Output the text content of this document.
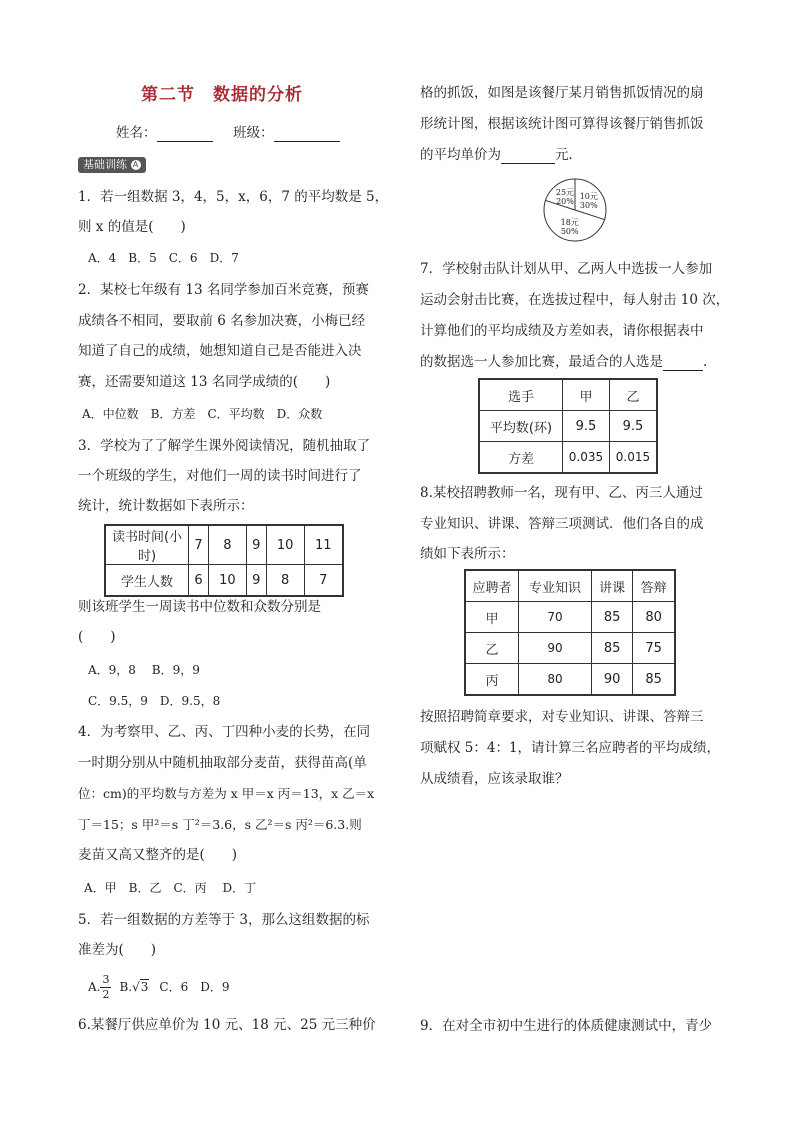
第二节　数据的分析
姓名：	班级：
基础训练 A
1．若一组数据 3，4，5，x，6，7 的平均数是 5，
则 x 的值是(　　)
A．4　B．5　C．6　D．7
2．某校七年级有 13 名同学参加百米竞赛，预赛
成绩各不相同，要取前 6 名参加决赛，小梅已经
知道了自己的成绩，她想知道自己是否能进入决
赛，还需要知道这 13 名同学成绩的(　　)
A．中位数　B．方差　C．平均数　D．众数
3．学校为了了解学生课外阅读情况，随机抽取了
一个班级的学生，对他们一周的读书时间进行了
统计，统计数据如下表所示：
读书时间(小时)	7	8	9	10	11
学生人数	6	10	9	8	7
则该班学生一周读书中位数和众数分别是
(　　)
A．9，8　 B．9，9
C．9.5，9　D．9.5，8
4．为考察甲、乙、丙、丁四种小麦的长势，在同
一时期分别从中随机抽取部分麦苗，获得苗高(单
位：cm)的平均数与方差为 x 甲＝x 丙＝13，x 乙＝x
丁＝15；s 甲²＝s 丁²＝3.6，s 乙²＝s 丙²＝6.3.则
麦苗又高又整齐的是(　　)
A．甲　B．乙　C．丙　 D．丁
5．若一组数据的方差等于 3，那么这组数据的标
准差为(　　)
A. $\frac{3}{2} B.√3$ C．6　D．9
6.某餐厅供应单价为 10 元、18 元、25 元三种价
格的抓饭，如图是该餐厅某月销售抓饭情况的扇
形统计图，根据该统计图可算得该餐厅销售抓饭
的平均单价为	元．
10元
30%
18元
50%
25元
20%
7．学校射击队计划从甲、乙两人中选拔一人参加
运动会射击比赛，在选拔过程中，每人射击 10 次，
计算他们的平均成绩及方差如表，请你根据表中
的数据选一人参加比赛，最适合的人选是	.
选手	甲	乙
平均数(环)	9.5	9.5
方差	0.035	0.015
8.某校招聘教师一名，现有甲、乙、丙三人通过
专业知识、讲课、答辩三项测试．他们各自的成
绩如下表所示：
应聘者	专业知识	讲课	答辩
甲	70	85	80
乙	90	85	75
丙	80	90	85
按照招聘简章要求，对专业知识、讲课、答辩三
项赋权 5：4：1，请计算三名应聘者的平均成绩，
从成绩看，应该录取谁？
9．在对全市初中生进行的体质健康测试中，青少
